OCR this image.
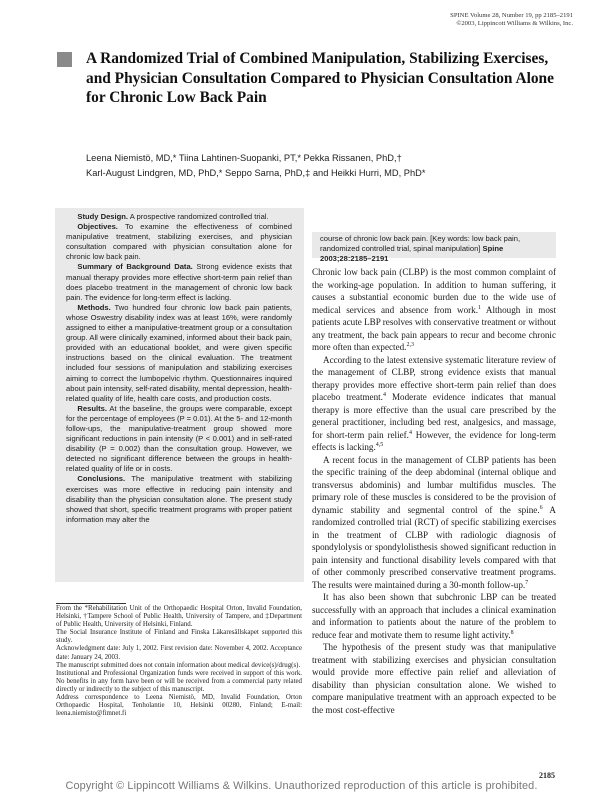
SPINE Volume 28, Number 19, pp 2185–2191
©2003, Lippincott Williams & Wilkins, Inc.
A Randomized Trial of Combined Manipulation, Stabilizing Exercises, and Physician Consultation Compared to Physician Consultation Alone for Chronic Low Back Pain
Leena Niemistö, MD,* Tiina Lahtinen-Suopanki, PT,* Pekka Rissanen, PhD,†
Karl-August Lindgren, MD, PhD,* Seppo Sarna, PhD,‡ and Heikki Hurri, MD, PhD*

  Study Design. A prospective randomized controlled trial.

  Objectives. To examine the effectiveness of combined manipulative treatment, stabilizing exercises, and physician consultation compared with physician consultation alone for chronic low back pain.

  Summary of Background Data. Strong evidence exists that manual therapy provides more effective short-term pain relief than does placebo treatment in the management of chronic low back pain. The evidence for long-term effect is lacking.

  Methods. Two hundred four chronic low back pain patients, whose Oswestry disability index was at least 16%, were randomly assigned to either a manipulative-treatment group or a consultation group. All were clinically examined, informed about their back pain, provided with an educational booklet, and were given specific instructions based on the clinical evaluation. The treatment included four sessions of manipulation and stabilizing exercises aiming to correct the lumbopelvic rhythm. Questionnaires inquired about pain intensity, self-rated disability, mental depression, health-related quality of life, health care costs, and production costs.

  Results. At the baseline, the groups were comparable, except for the percentage of employees (P = 0.01). At the 5- and 12-month follow-ups, the manipulative-treatment group showed more significant reductions in pain intensity (P < 0.001) and in self-rated disability (P = 0.002) than the consultation group. However, we detected no significant difference between the groups in health-related quality of life or in costs.

  Conclusions. The manipulative treatment with stabilizing exercises was more effective in reducing pain intensity and disability than the physician consultation alone. The present study showed that short, specific treatment programs with proper patient information may alter the

course of chronic low back pain. [Key words: low back pain, randomized controlled trial, spinal manipulation] Spine 2003;28:2185–2191

Chronic low back pain (CLBP) is the most common complaint of the working-age population. In addition to human suffering, it causes a substantial economic burden due to the wide use of medical services and absence from work.$^1$ Although in most patients acute LBP resolves with conservative treatment or without any treatment, the back pain appears to recur and become chronic more often than expected.$^{2,3}$

According to the latest extensive systematic literature review of the management of CLBP, strong evidence exists that manual therapy provides more effective short-term pain relief than does placebo treatment.$^4$ Moderate evidence indicates that manual therapy is more effective than the usual care prescribed by the general practitioner, including bed rest, analgesics, and massage, for short-term pain relief.$^4$ However, the evidence for long-term effects is lacking.$^{4,5}$

A recent focus in the management of CLBP patients has been the specific training of the deep abdominal (internal oblique and transversus abdominis) and lumbar multifidus muscles. The primary role of these muscles is considered to be the provision of dynamic stability and segmental control of the spine.$^6$ A randomized controlled trial (RCT) of specific stabilizing exercises in the treatment of CLBP with radiologic diagnosis of spondylolysis or spondylolisthesis showed significant reduction in pain intensity and functional disability levels compared with that of other commonly prescribed conservative treatment programs. The results were maintained during a 30-month follow-up.$^7$

It has also been shown that subchronic LBP can be treated successfully with an approach that includes a clinical examination and information to patients about the nature of the problem to reduce fear and motivate them to resume light activity.$^8$

The hypothesis of the present study was that manipulative treatment with stabilizing exercises and physician consultation would provide more effective pain relief and alleviation of disability than physician consultation alone. We wished to compare manipulative treatment with an approach expected to be the most cost-effective

From the *Rehabilitation Unit of the Orthopaedic Hospital Orton, Invalid Foundation, Helsinki, †Tampere School of Public Health, University of Tampere, and ‡Department of Public Health, University of Helsinki, Finland.

The Social Insurance Institute of Finland and Finska Läkaresällskapet supported this study.

Acknowledgment date: July 1, 2002. First revision date: November 4, 2002. Acceptance date: January 24, 2003.

The manuscript submitted does not contain information about medical device(s)/drug(s).

Institutional and Professional Organization funds were received in support of this work. No benefits in any form have been or will be received from a commercial party related directly or indirectly to the subject of this manuscript.

Address correspondence to Leena Niemistö, MD, Invalid Foundation, Orton Orthopaedic Hospital, Tenholantie 10, Helsinki 00280, Finland; E-mail: leena.niemisto@fimnet.fi

2185
Copyright © Lippincott Williams & Wilkins. Unauthorized reproduction of this article is prohibited.
